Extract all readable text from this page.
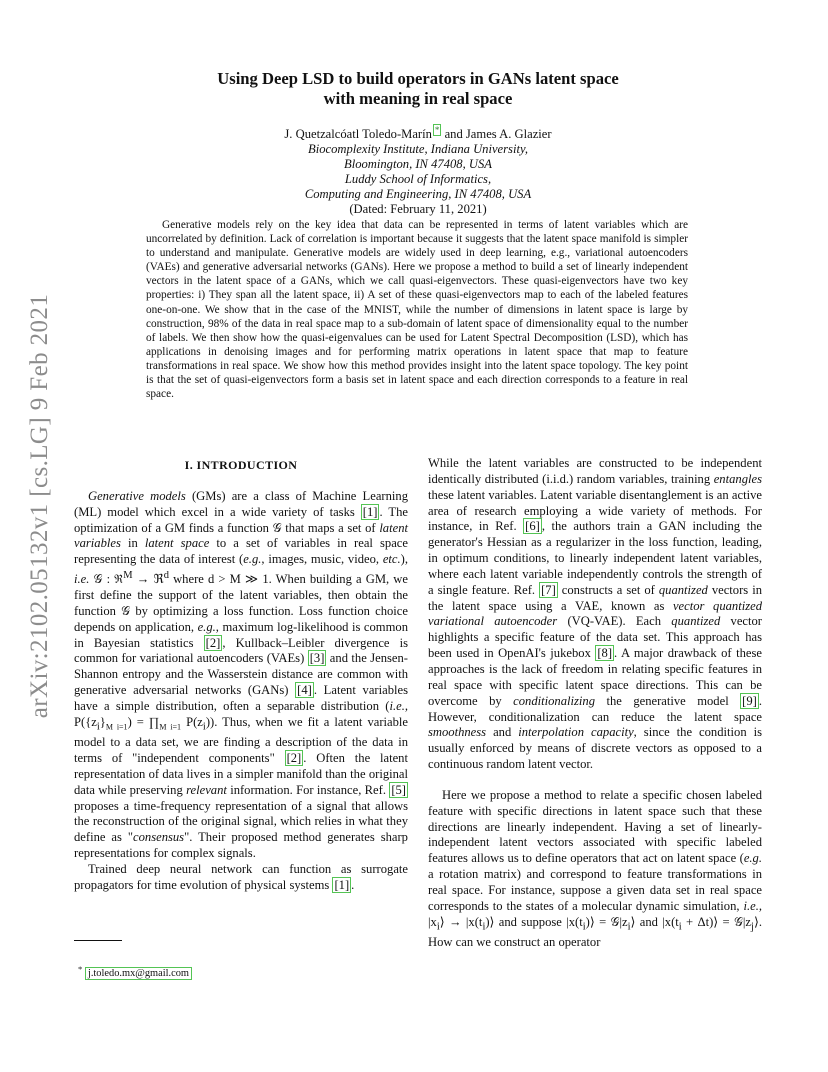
arXiv:2102.05132v1 [cs.LG] 9 Feb 2021
Using Deep LSD to build operators in GANs latent space
with meaning in real space
J. Quetzalcóatl Toledo-Marín * and James A. Glazier
Biocomplexity Institute, Indiana University,
Bloomington, IN 47408, USA
Luddy School of Informatics,
Computing and Engineering, IN 47408, USA
(Dated: February 11, 2021)
Generative models rely on the key idea that data can be represented in terms of latent variables which are uncorrelated by definition. Lack of correlation is important because it suggests that the latent space manifold is simpler to understand and manipulate. Generative models are widely used in deep learning, e.g., variational autoencoders (VAEs) and generative adversarial networks (GANs). Here we propose a method to build a set of linearly independent vectors in the latent space of a GANs, which we call quasi-eigenvectors. These quasi-eigenvectors have two key properties: i) They span all the latent space, ii) A set of these quasi-eigenvectors map to each of the labeled features one-on-one. We show that in the case of the MNIST, while the number of dimensions in latent space is large by construction, 98% of the data in real space map to a sub-domain of latent space of dimensionality equal to the number of labels. We then show how the quasi-eigenvalues can be used for Latent Spectral Decomposition (LSD), which has applications in denoising images and for performing matrix operations in latent space that map to feature transformations in real space. We show how this method provides insight into the latent space topology. The key point is that the set of quasi-eigenvectors form a basis set in latent space and each direction corresponds to a feature in real space.
I. INTRODUCTION

Generative models (GMs) are a class of Machine Learning (ML) model which excel in a wide variety of tasks [1] . The optimization of a GM finds a function 𝒢 that maps a set of latent variables in latent space to a set of variables in real space representing the data of interest (e.g., images, music, video, etc.), i.e. 𝒢 : ℜ$^M$ → ℜ$^d$ where d > M ≫ 1. When building a GM, we first define the support of the latent variables, then obtain the function 𝒢 by optimizing a loss function. Loss function choice depends on application, e.g., maximum log-likelihood is common in Bayesian statistics [2] , Kullback–Leibler divergence is common for variational autoencoders (VAEs) [3] and the Jensen-Shannon entropy and the Wasserstein distance are common with generative adversarial networks (GANs) [4] . Latent variables have a simple distribution, often a separable distribution (i.e., $P(\{z_i\}_{M i=1})$ = $\prod_{M i=1}$ $P(z_i)$). Thus, when we fit a latent variable model to a data set, we are finding a description of the data in terms of "independent components" [2] . Often the latent representation of data lives in a simpler manifold than the original data while preserving relevant information. For instance, Ref. [5] proposes a time-frequency representation of a signal that allows the reconstruction of the original signal, which relies in what they define as "consensus". Their proposed method generates sharp representations for complex signals.

Trained deep neural network can function as surrogate propagators for time evolution of physical systems [1] .

While the latent variables are constructed to be independent identically distributed (i.i.d.) random variables, training entangles these latent variables. Latent variable disentanglement is an active area of research employing a wide variety of methods. For instance, in Ref. [6] , the authors train a GAN including the generator's Hessian as a regularizer in the loss function, leading, in optimum conditions, to linearly independent latent variables, where each latent variable independently controls the strength of a single feature. Ref. [7] constructs a set of quantized vectors in the latent space using a VAE, known as vector quantized variational autoencoder (VQ-VAE). Each quantized vector highlights a specific feature of the data set. This approach has been used in OpenAI's jukebox [8] . A major drawback of these approaches is the lack of freedom in relating specific features in real space with specific latent space directions. This can be overcome by conditionalizing the generative model [9] . However, conditionalization can reduce the latent space smoothness and interpolation capacity, since the condition is usually enforced by means of discrete vectors as opposed to a continuous random latent vector.

Here we propose a method to relate a specific chosen labeled feature with specific directions in latent space such that these directions are linearly independent. Having a set of linearly-independent latent vectors associated with specific labeled features allows us to define operators that act on latent space (e.g. a rotation matrix) and correspond to feature transformations in real space. For instance, suppose a given data set in real space corresponds to the states of a molecular dynamic simulation, i.e., $|x_i⟩$ → $|x(t_i)⟩$ and suppose $|x(t_i)⟩$ = $𝒢|z_i⟩$ and $|x(t_i$ + Δt)⟩ = $𝒢|z_j⟩$. How can we construct an operator

* j.toledo.mx@gmail.com
